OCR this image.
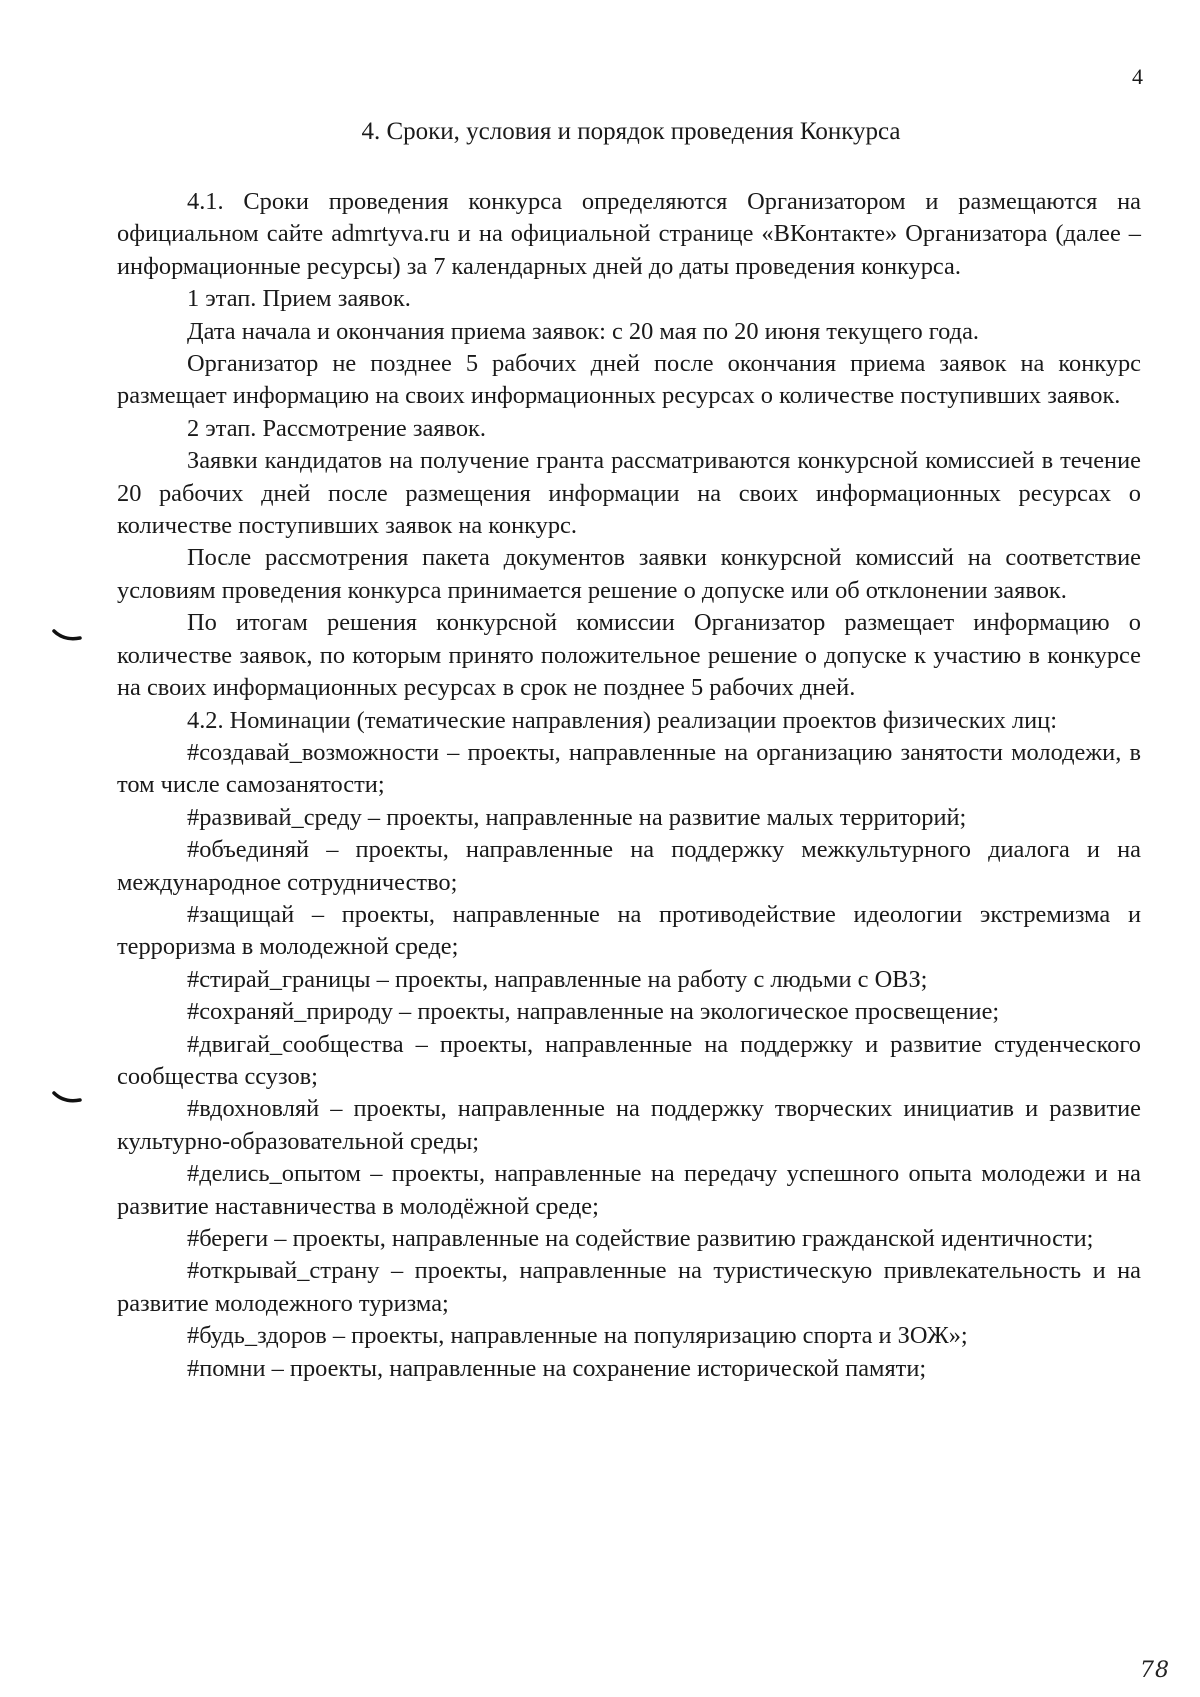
4
4. Сроки, условия и порядок проведения Конкурса

4.1. Сроки проведения конкурса определяются Организатором и размещаются на официальном сайте admrtyva.ru и на официальной странице «ВКонтакте» Организатора (далее – информационные ресурсы) за 7 календарных дней до даты проведения конкурса.

1 этап. Прием заявок.

Дата начала и окончания приема заявок: с 20 мая по 20 июня текущего года.

Организатор не позднее 5 рабочих дней после окончания приема заявок на конкурс размещает информацию на своих информационных ресурсах о количестве поступивших заявок.

2 этап. Рассмотрение заявок.

Заявки кандидатов на получение гранта рассматриваются конкурсной комиссией в течение 20 рабочих дней после размещения информации на своих информационных ресурсах о количестве поступивших заявок на конкурс.

После рассмотрения пакета документов заявки конкурсной комиссий на соответствие условиям проведения конкурса принимается решение о допуске или об отклонении заявок.

По итогам решения конкурсной комиссии Организатор размещает информацию о количестве заявок, по которым принято положительное решение о допуске к участию в конкурсе на своих информационных ресурсах в срок не позднее 5 рабочих дней.

4.2. Номинации (тематические направления) реализации проектов физических лиц:

#создавай_возможности – проекты, направленные на организацию занятости молодежи, в том числе самозанятости;

#развивай_среду – проекты, направленные на развитие малых территорий;

#объединяй – проекты, направленные на поддержку межкультурного диалога и на международное сотрудничество;

#защищай – проекты, направленные на противодействие идеологии экстремизма и терроризма в молодежной среде;

#стирай_границы – проекты, направленные на работу с людьми с ОВЗ;

#сохраняй_природу – проекты, направленные на экологическое просвещение;

#двигай_сообщества – проекты, направленные на поддержку и развитие студенческого сообщества ссузов;

#вдохновляй – проекты, направленные на поддержку творческих инициатив и развитие культурно-образовательной среды;

#делись_опытом – проекты, направленные на передачу успешного опыта молодежи и на развитие наставничества в молодёжной среде;

#береги – проекты, направленные на содействие развитию гражданской идентичности;

#открывай_страну – проекты, направленные на туристическую привлекательность и на развитие молодежного туризма;

#будь_здоров – проекты, направленные на популяризацию спорта и ЗОЖ»;

#помни – проекты, направленные на сохранение исторической памяти;

78
